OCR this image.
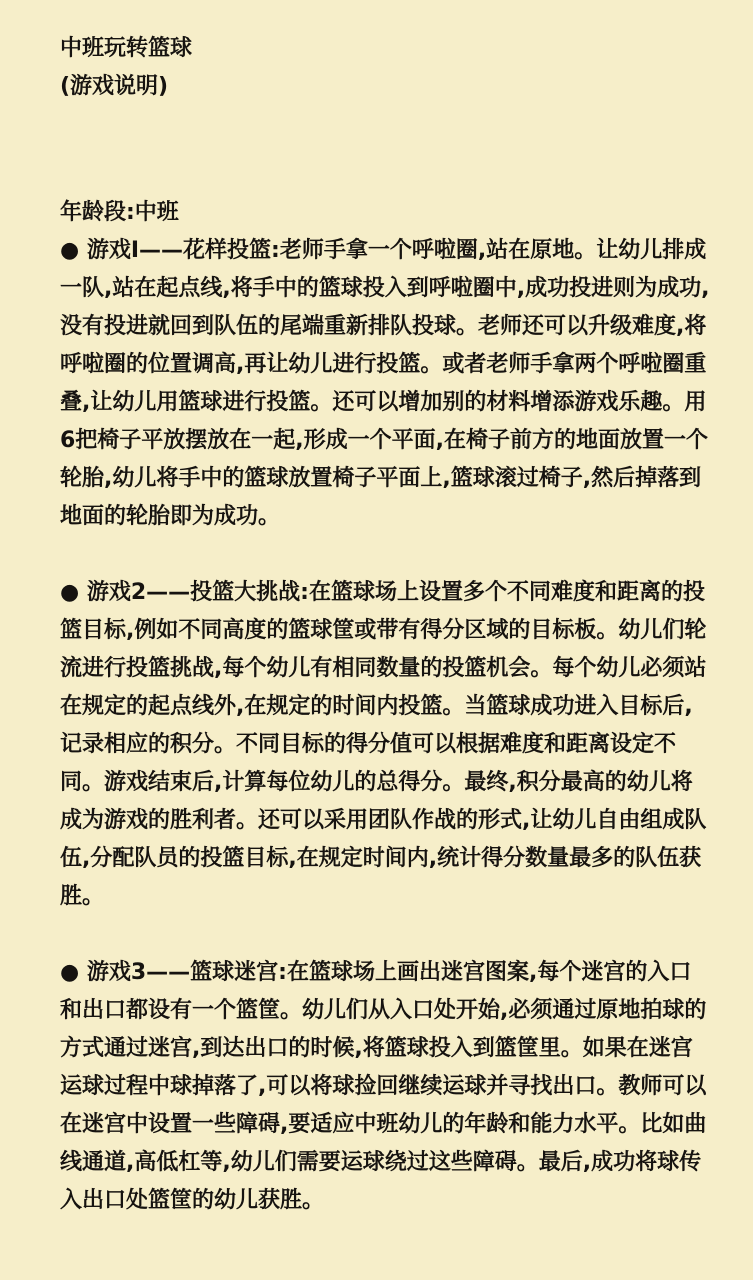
中班玩转篮球
(游戏说明)
年龄段:中班

● 游戏I——花样投篮:老师手拿一个呼啦圈,站在原地。让幼儿排成一队,站在起点线,将手中的篮球投入到呼啦圈中,成功投进则为成功,没有投进就回到队伍的尾端重新排队投球。老师还可以升级难度,将呼啦圈的位置调高,再让幼儿进行投篮。或者老师手拿两个呼啦圈重叠,让幼儿用篮球进行投篮。还可以增加别的材料增添游戏乐趣。用6把椅子平放摆放在一起,形成一个平面,在椅子前方的地面放置一个轮胎,幼儿将手中的篮球放置椅子平面上,篮球滚过椅子,然后掉落到地面的轮胎即为成功。

● 游戏2——投篮大挑战:在篮球场上设置多个不同难度和距离的投篮目标,例如不同高度的篮球筐或带有得分区域的目标板。幼儿们轮流进行投篮挑战,每个幼儿有相同数量的投篮机会。每个幼儿必须站在规定的起点线外,在规定的时间内投篮。当篮球成功进入目标后,记录相应的积分。不同目标的得分值可以根据难度和距离设定不同。游戏结束后,计算每位幼儿的总得分。最终,积分最高的幼儿将成为游戏的胜利者。还可以采用团队作战的形式,让幼儿自由组成队伍,分配队员的投篮目标,在规定时间内,统计得分数量最多的队伍获胜。

● 游戏3——篮球迷宫:在篮球场上画出迷宫图案,每个迷宫的入口和出口都设有一个篮筐。幼儿们从入口处开始,必须通过原地拍球的方式通过迷宫,到达出口的时候,将篮球投入到篮筐里。如果在迷宫运球过程中球掉落了,可以将球捡回继续运球并寻找出口。教师可以在迷宫中设置一些障碍,要适应中班幼儿的年龄和能力水平。比如曲线通道,高低杠等,幼儿们需要运球绕过这些障碍。最后,成功将球传入出口处篮筐的幼儿获胜。
